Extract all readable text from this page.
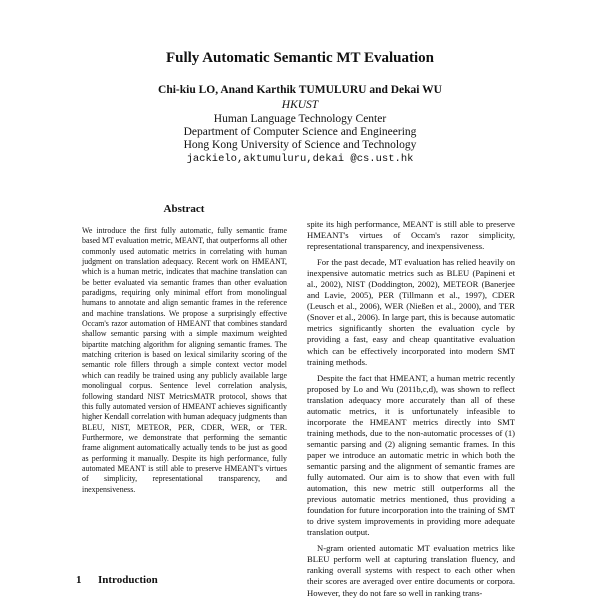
Fully Automatic Semantic MT Evaluation
Chi-kiu LO, Anand Karthik TUMULURU and Dekai WU
HKUST
Human Language Technology Center
Department of Computer Science and Engineering
Hong Kong University of Science and Technology
jackielo,aktumuluru,dekai @cs.ust.hk
Abstract
We introduce the first fully automatic, fully semantic frame based MT evaluation metric, MEANT, that outperforms all other commonly used automatic metrics in correlating with human judgment on translation adequacy. Recent work on HMEANT, which is a human metric, indicates that machine translation can be better evaluated via semantic frames than other evaluation paradigms, requiring only minimal effort from monolingual humans to annotate and align semantic frames in the reference and machine translations. We propose a surprisingly effective Occam's razor automation of HMEANT that combines standard shallow semantic parsing with a simple maximum weighted bipartite matching algorithm for aligning semantic frames. The matching criterion is based on lexical similarity scoring of the semantic role fillers through a simple context vector model which can readily be trained using any publicly available large monolingual corpus. Sentence level correlation analysis, following standard NIST MetricsMATR protocol, shows that this fully automated version of HMEANT achieves significantly higher Kendall correlation with human adequacy judgments than BLEU, NIST, METEOR, PER, CDER, WER, or TER. Furthermore, we demonstrate that performing the semantic frame alignment automatically actually tends to be just as good as performing it manually. Despite its high performance, fully automated MEANT is still able to preserve HMEANT's virtues of simplicity, representational transparency, and inexpensiveness.
1 Introduction

spite its high performance, MEANT is still able to preserve HMEANT's virtues of Occam's razor simplicity, representational transparency, and inexpensiveness.

For the past decade, MT evaluation has relied heavily on inexpensive automatic metrics such as BLEU (Papineni et al., 2002), NIST (Doddington, 2002), METEOR (Banerjee and Lavie, 2005), PER (Tillmann et al., 1997), CDER (Leusch et al., 2006), WER (Nießen et al., 2000), and TER (Snover et al., 2006). In large part, this is because automatic metrics significantly shorten the evaluation cycle by providing a fast, easy and cheap quantitative evaluation which can be effectively incorporated into modern SMT training methods.

Despite the fact that HMEANT, a human metric recently proposed by Lo and Wu (2011b,c,d), was shown to reflect translation adequacy more accurately than all of these automatic metrics, it is unfortunately infeasible to incorporate the HMEANT metrics directly into SMT training methods, due to the non-automatic processes of (1) semantic parsing and (2) aligning semantic frames. In this paper we introduce an automatic metric in which both the semantic parsing and the alignment of semantic frames are fully automated. Our aim is to show that even with full automation, this new metric still outperforms all the previous automatic metrics mentioned, thus providing a foundation for future incorporation into the training of SMT to drive system improvements in providing more adequate translation output.

N-gram oriented automatic MT evaluation metrics like BLEU perform well at capturing translation fluency, and ranking overall systems with respect to each other when their scores are averaged over entire documents or corpora. However, they do not fare so well in ranking trans-
